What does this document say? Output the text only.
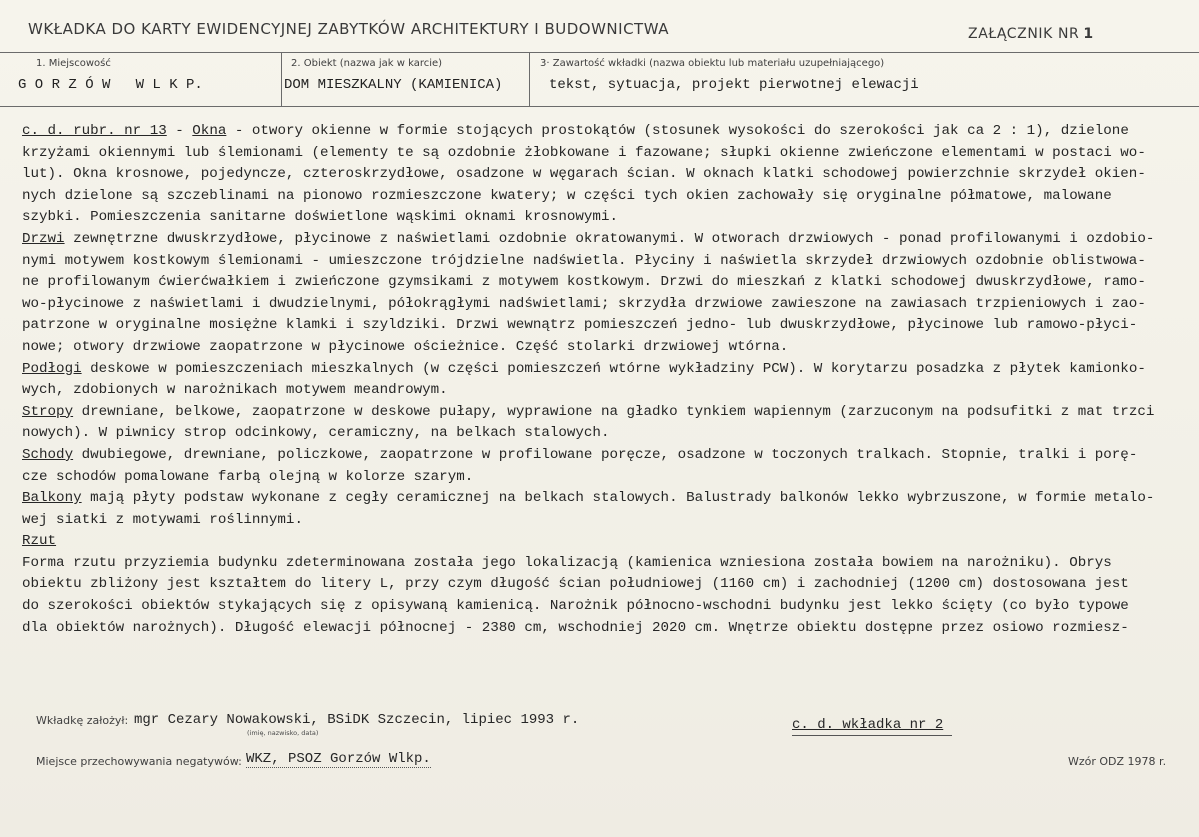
WKŁADKA DO KARTY EWIDENCYJNEJ ZABYTKÓW ARCHITEKTURY I BUDOWNICTWA	ZAŁĄCZNIK NR 1
1. Miejscowość
G O R Z Ó W   W L K P.
2. Obiekt (nazwa jak w karcie)
DOM MIESZKALNY (KAMIENICA)
3· Zawartość wkładki (nazwa obiektu lub materiału uzupełniającego)
tekst, sytuacja, projekt pierwotnej elewacji

c. d. rubr. nr 13 - Okna - otwory okienne w formie stojących prostokątów (stosunek wysokości do szerokości jak ca 2 : 1), dzielone

krzyżami okiennymi lub ślemionami (elementy te są ozdobnie żłobkowane i fazowane; słupki okienne zwieńczone elementami w postaci wo-

lut). Okna krosnowe, pojedyncze, czteroskrzydłowe, osadzone w węgarach ścian. W oknach klatki schodowej powierzchnie skrzydeł okien-

nych dzielone są szczeblinami na pionowo rozmieszczone kwatery; w części tych okien zachowały się oryginalne półmatowe, malowane

szybki. Pomieszczenia sanitarne doświetlone wąskimi oknami krosnowymi.

Drzwi zewnętrzne dwuskrzydłowe, płycinowe z naświetlami ozdobnie okratowanymi. W otworach drzwiowych - ponad profilowanymi i ozdobio-

nymi motywem kostkowym ślemionami - umieszczone trójdzielne nadświetla. Płyciny i naświetla skrzydeł drzwiowych ozdobnie oblistwowa-

ne profilowanym ćwierćwałkiem i zwieńczone gzymsikami z motywem kostkowym. Drzwi do mieszkań z klatki schodowej dwuskrzydłowe, ramo-

wo-płycinowe z naświetlami i dwudzielnymi, półokrągłymi nadświetlami; skrzydła drzwiowe zawieszone na zawiasach trzpieniowych i zao-

patrzone w oryginalne mosiężne klamki i szyldziki. Drzwi wewnątrz pomieszczeń jedno- lub dwuskrzydłowe, płycinowe lub ramowo-płyci-

nowe; otwory drzwiowe zaopatrzone w płycinowe ościeżnice. Część stolarki drzwiowej wtórna.

Podłogi deskowe w pomieszczeniach mieszkalnych (w części pomieszczeń wtórne wykładziny PCW). W korytarzu posadzka z płytek kamionko-

wych, zdobionych w narożnikach motywem meandrowym.

Stropy drewniane, belkowe, zaopatrzone w deskowe pułapy, wyprawione na gładko tynkiem wapiennym (zarzuconym na podsufitki z mat trzci

nowych). W piwnicy strop odcinkowy, ceramiczny, na belkach stalowych.

Schody dwubiegowe, drewniane, policzkowe, zaopatrzone w profilowane poręcze, osadzone w toczonych tralkach. Stopnie, tralki i porę-

cze schodów pomalowane farbą olejną w kolorze szarym.

Balkony mają płyty podstaw wykonane z cegły ceramicznej na belkach stalowych. Balustrady balkonów lekko wybrzuszone, w formie metalo-

wej siatki z motywami roślinnymi.

Rzut

Forma rzutu przyziemia budynku zdeterminowana została jego lokalizacją (kamienica wzniesiona została bowiem na narożniku). Obrys

obiektu zbliżony jest kształtem do litery L, przy czym długość ścian południowej (1160 cm) i zachodniej (1200 cm) dostosowana jest

do szerokości obiektów stykających się z opisywaną kamienicą. Narożnik północno-wschodni budynku jest lekko ścięty (co było typowe

dla obiektów narożnych). Długość elewacji północnej - 2380 cm, wschodniej 2020 cm. Wnętrze obiektu dostępne przez osiowo rozmiesz-

Wkładkę założył: mgr Cezary Nowakowski, BSiDK Szczecin, lipiec 1993 r.
(imię, nazwisko, data)	c. d. wkładka nr 2
Miejsce przechowywania negatywów: WKZ, PSOZ Gorzów Wlkp.	Wzór ODZ 1978 r.
